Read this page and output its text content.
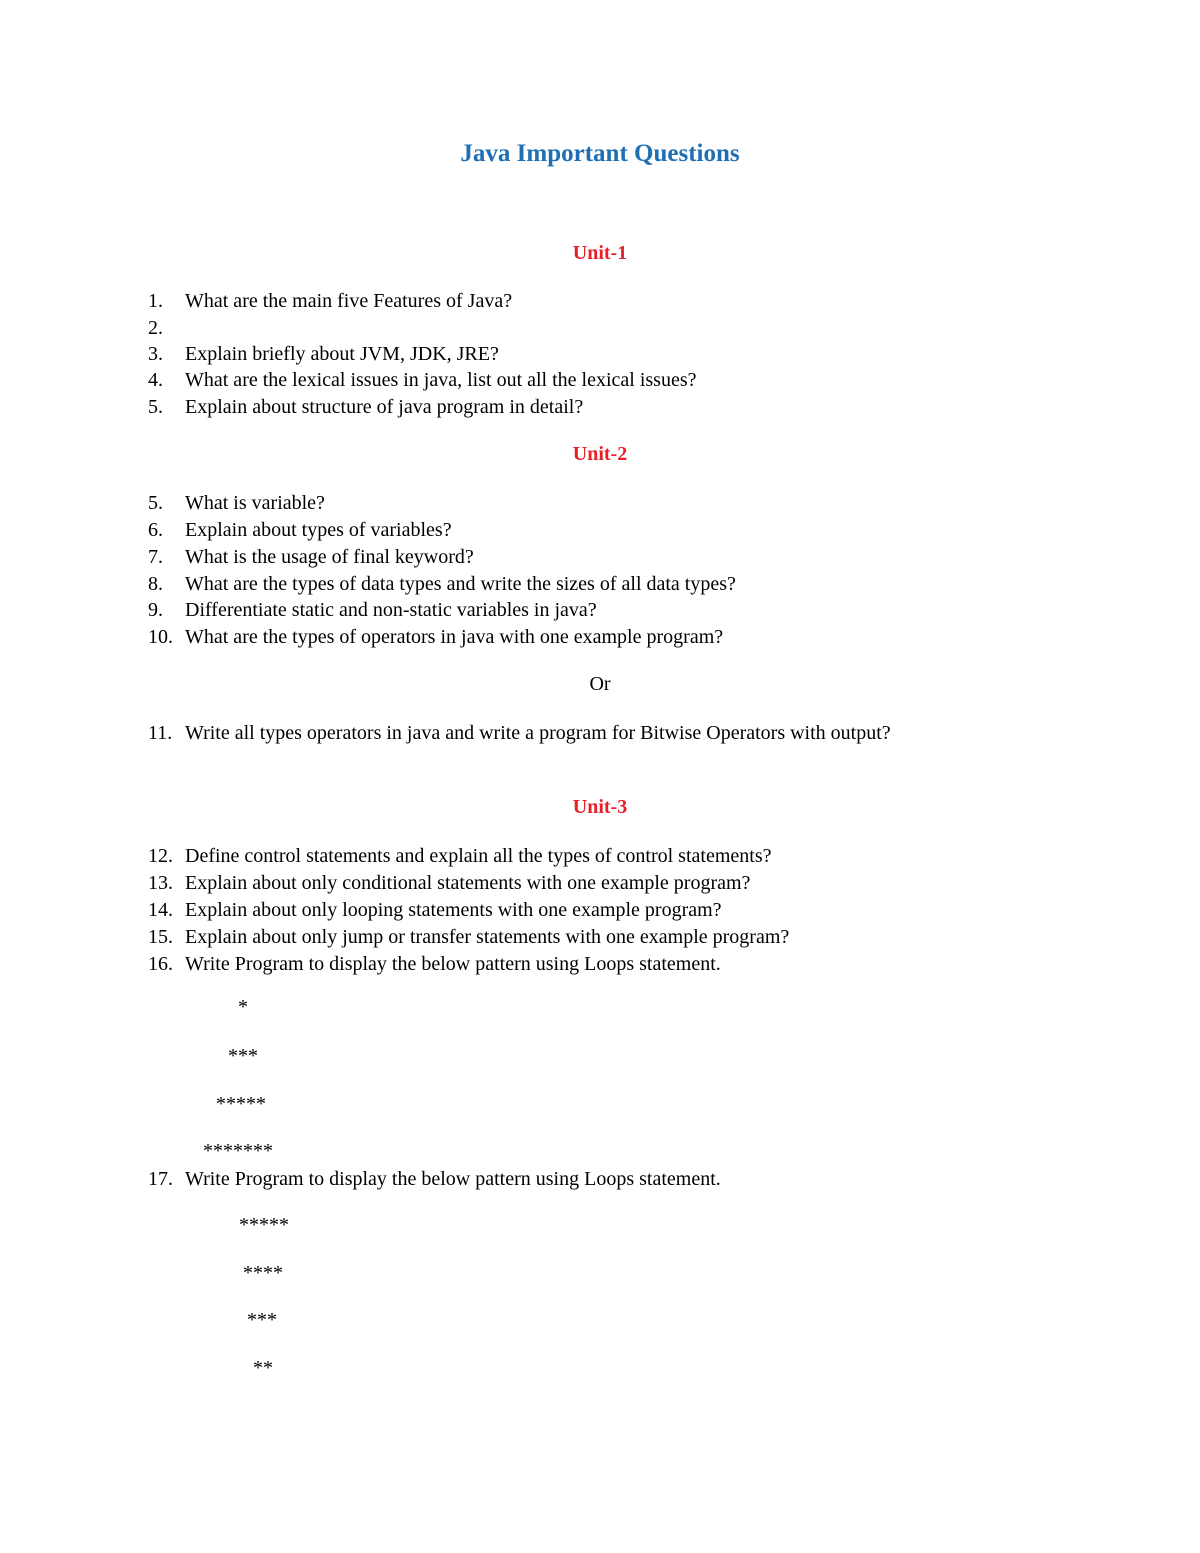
Java Important Questions
Unit-1
1. What are the main five Features of Java?
2.
3. Explain briefly about JVM, JDK, JRE?
4. What are the lexical issues in java, list out all the lexical issues?
5. Explain about structure of java program in detail?
Unit-2
5. What is variable?
6. Explain about types of variables?
7. What is the usage of final keyword?
8. What are the types of data types and write the sizes of all data types?
9. Differentiate static and non-static variables in java?
10. What are the types of operators in java with one example program?
Or
11. Write all types operators in java and write a program for Bitwise Operators with output?
Unit-3
12. Define control statements and explain all the types of control statements?
13. Explain about only conditional statements with one example program?
14. Explain about only looping statements with one example program?
15. Explain about only jump or transfer statements with one example program?
16. Write Program to display the below pattern using Loops statement.
*
***
*****
*******
17. Write Program to display the below pattern using Loops statement.
*****
****
***
**
